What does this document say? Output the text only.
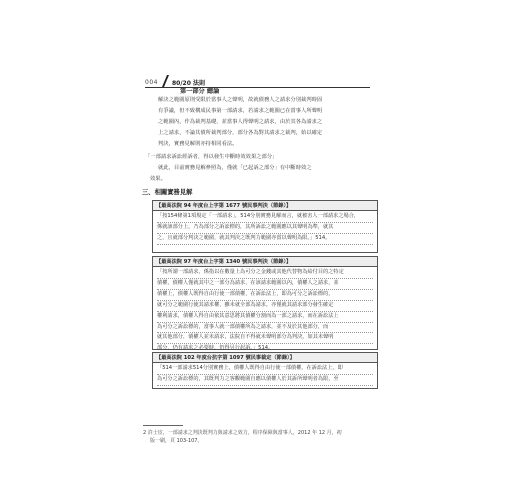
004 80/20 法則
第一部分 總論
解決之範圍原則受限於當事人之聲明，故就債務人之請求分別裁判時固
有爭議，但不致構成民事第一部請求，若請求之範圍已在當事人所聲明
之範圍內，作為裁判基礎，並當事人得聲明之請求，由於其各為請求之
上之請求，不論其債所裁判部分，部分各為對其請求之裁判，始以確定
判決，實務見解則亦持相同看法。
「一部請求訴訟經訴者，得以發生中斷時效效果之部分」
就此，目前實務見解參照為，僅就「已起訴之部分」有中斷時效之
效果。
三、相關實務見解
【最高法院 94 年度台上字第 1677 號民事判決（節錄）】
「按154條第1項規定「一部請求」，514分別實務見解而言，就被害人一部請求之場合，
係就該部分上，乃為部分之訴訟標的，其所訴訟之範圍應以其聲明為準，就其
之，且就部分判決之範圍，就其判決之既判力範圍亦當以聲明為限。」514。
【最高法院 97 年度台上字第 1340 號民事判決（節錄）】
「按所謂一部請求，係指以在數量上為可分之金錢或其他代替物為給付目的之特定
債權，債權人僅就其中之一部分為請求，在該請求範圍以內，債權人之請求，並
債權上，債權人既得自由行使一部債權，在訴訟法上，即為可分之訴訟標的，
就可分之範圍行使其請求權，雖未就全部為請求，亦僅就其請求部分發生確定
權利請求，債權人得自由依其意思將其債權分割而為一部之請求，而在訴訟法上
為可分之訴訟標的，當事人就一部債權所為之請求，並不及於其他部分，而
就其他部分，債權人並未請求，法院自不得就未聲明部分為判決，如其未聲明
部分，仍有請求之必要時，仍得另行起訴。」514。
【最高法院 102 年度台抗字第 1097 號民事裁定（節錄）】
「514一部請求514分別實務上，債權人既得自由行使一部債權，在訴訟法上，即
為可分之訴訟標的，其既判力之客觀範圍自應以債權人於其訴所聲明者為限，至
2 許士宦，一部請求之判決既判力與請求之效力，程序保障與當事人，2012 年 12 月，初
版一刷，頁 103-107。
